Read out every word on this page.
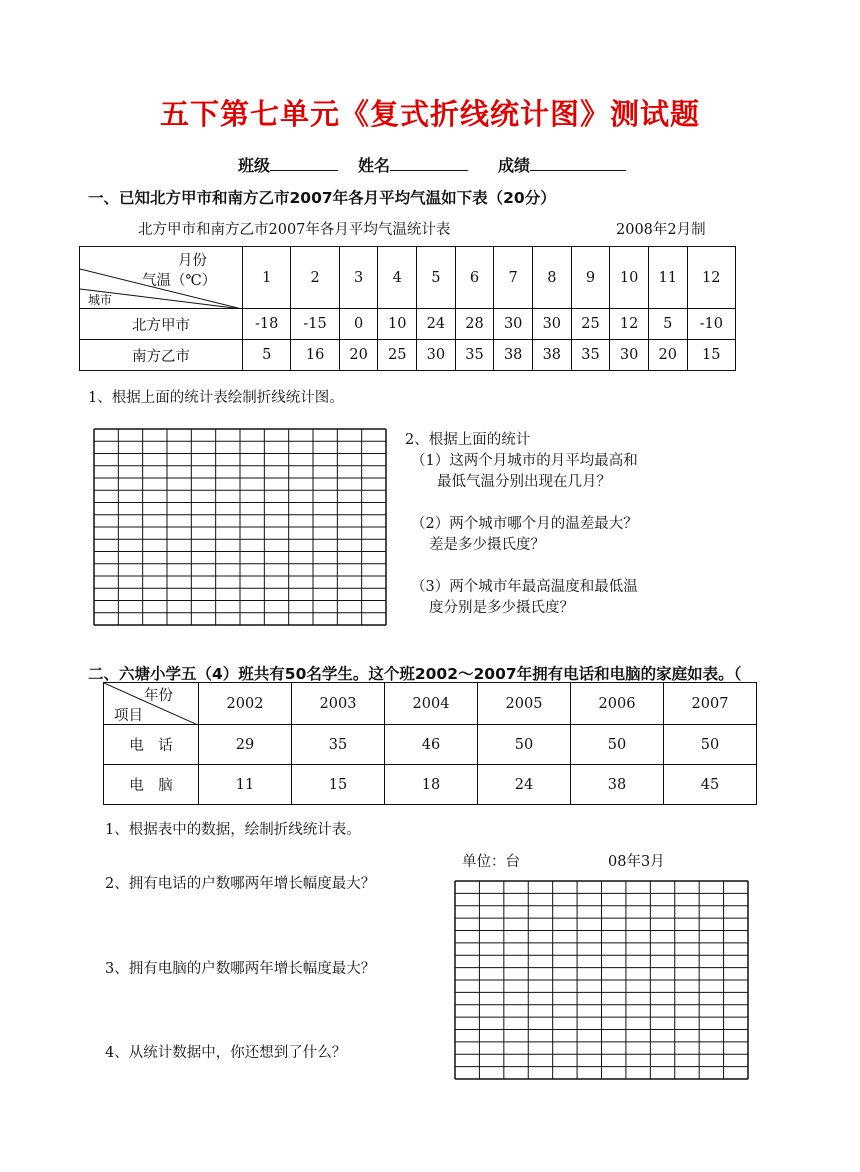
五下第七单元《复式折线统计图》测试题
班级	姓名	成绩
一、已知北方甲市和南方乙市2007年各月平均气温如下表（20分）
北方甲市和南方乙市2007年各月平均气温统计表	2008年2月制
月份
气温（℃）
城市	1	2	3	4	5	6	7	8	9	10	11	12
北方甲市	-18	-15	0	10	24	28	30	30	25	12	5	-10
南方乙市	5	16	20	25	30	35	38	38	35	30	20	15
1、根据上面的统计表绘制折线统计图。
2、根据上面的统计
（1）这两个月城市的月平均最高和
最低气温分别出现在几月？
（2）两个城市哪个月的温差最大？
差是多少摄氏度？
（3）两个城市年最高温度和最低温
度分别是多少摄氏度？
二、六塘小学五（4）班共有50名学生。这个班2002～2007年拥有电话和电脑的家庭如表。（
年份
项目	2002	2003	2004	2005	2006	2007
电　话	29	35	46	50	50	50
电　脑	11	15	18	24	38	45
1、根据表中的数据，绘制折线统计表。
单位：台	08年3月
2、拥有电话的户数哪两年增长幅度最大？
3、拥有电脑的户数哪两年增长幅度最大？
4、从统计数据中，你还想到了什么？
